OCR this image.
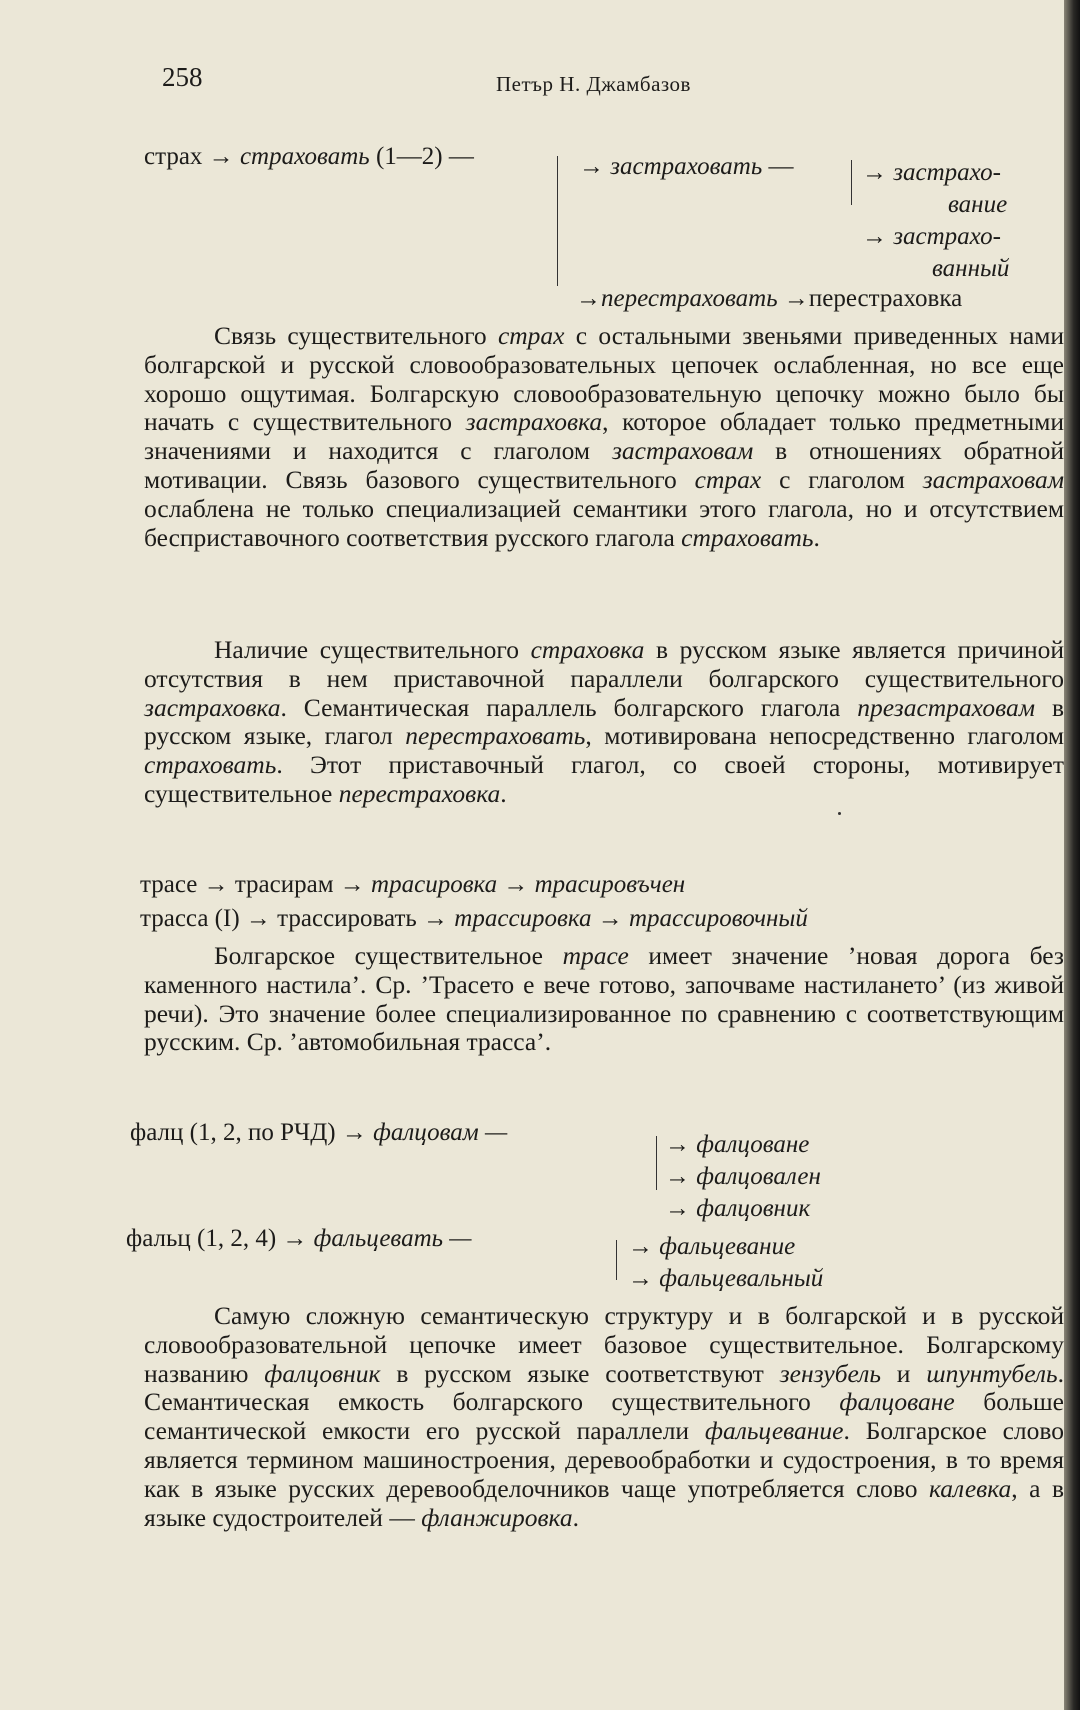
258	Петър Н. Джамбазов
страх → страховать (1—2) —	→ застраховать —	→ застрахо-
вание
→ застрахо-
ванный
→перестраховать →перестраховка
Связь существительного страх с остальными звеньями приведенных нами болгарской и русской словообразовательных цепочек ослабленная, но все еще хорошо ощутимая. Болгарскую словообразовательную цепочку можно было бы начать с существительного застраховка, которое обладает только предметными значениями и находится с глаголом застраховам в отношениях обратной мотивации. Связь базового существительного страх с глаголом застраховам ослаблена не только специализацией семантики этого глагола, но и отсутствием бесприставочного соответствия русского глагола страховать.
Наличие существительного страховка в русском языке является причиной отсутствия в нем приставочной параллели болгарского существительного застраховка. Семантическая параллель болгарского глагола презастраховам в русском языке, глагол перестраховать, мотивирована непосредственно глаголом страховать. Этот приставочный глагол, со своей стороны, мотивирует существительное перестраховка.
трасе → трасирам → трасировка → трасировъчен
трасса (I) → трассировать → трассировка → трассировочный
Болгарское существительное трасе имеет значение ’новая дорога без каменного настила’. Ср. ’Трасето е вече готово, започваме настилането’ (из живой речи). Это значение более специализированное по сравнению с соответствующим русским. Ср. ’автомобильная трасса’.
фалц (1, 2, по РЧД) → фалцовам —	→ фалцоване
→ фалцовален
→ фалцовник
фальц (1, 2, 4) → фальцевать —	→ фальцевание
→ фальцевальный
Самую сложную семантическую структуру и в болгарской и в русской словообразовательной цепочке имеет базовое существительное. Болгарскому названию фалцовник в русском языке соответствуют зензубель и шпунтубель. Семантическая емкость болгарского существительного фалцоване больше семантической емкости его русской параллели фальцевание. Болгарское слово является термином машиностроения, деревообработки и судостроения, в то время как в языке русских деревообделочников чаще употребляется слово калевка, а в языке судостроителей — фланжировка.
